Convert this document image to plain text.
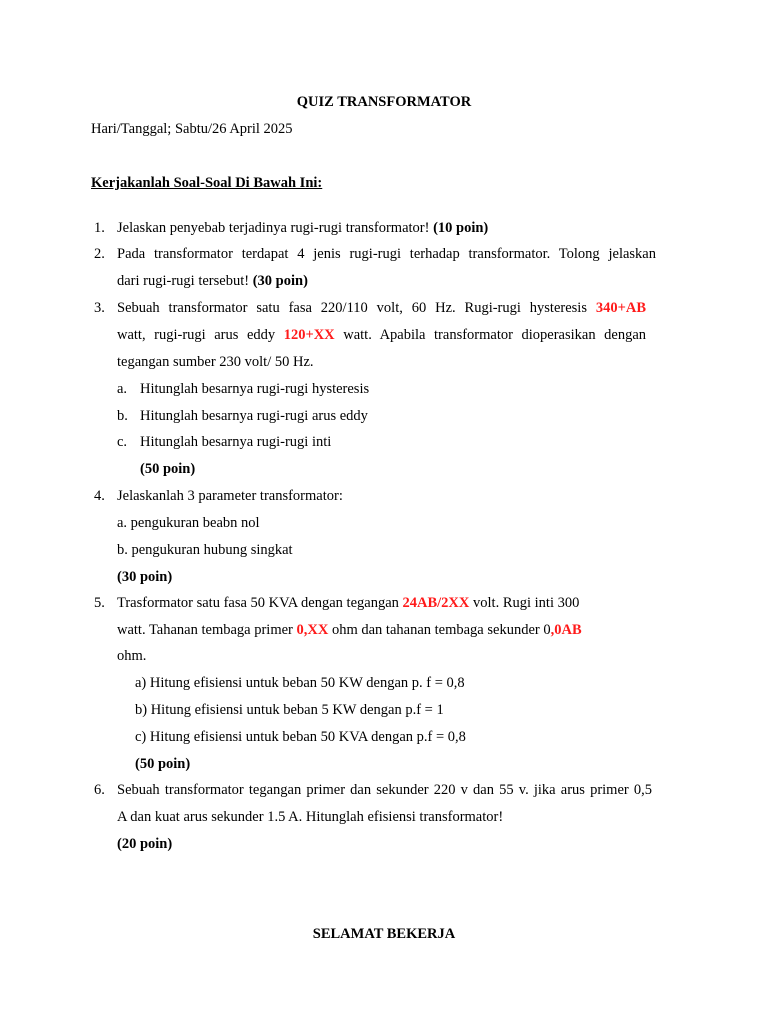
QUIZ TRANSFORMATOR
Hari/Tanggal; Sabtu/26 April 2025
Kerjakanlah Soal-Soal Di Bawah Ini:
1. Jelaskan penyebab terjadinya rugi-rugi transformator! (10 poin)
2. Pada transformator terdapat 4 jenis rugi-rugi terhadap transformator. Tolong jelaskan
dari rugi-rugi tersebut! (30 poin)
3. Sebuah transformator satu fasa 220/110 volt, 60 Hz. Rugi-rugi hysteresis 340+AB
watt, rugi-rugi arus eddy 120+XX watt. Apabila transformator dioperasikan dengan
tegangan sumber 230 volt/ 50 Hz.
a. Hitunglah besarnya rugi-rugi hysteresis
b. Hitunglah besarnya rugi-rugi arus eddy
c. Hitunglah besarnya rugi-rugi inti
(50 poin)
4. Jelaskanlah 3 parameter transformator:
a. pengukuran beabn nol
b. pengukuran hubung singkat
(30 poin)
5. Trasformator satu fasa 50 KVA dengan tegangan 24AB/2XX volt. Rugi inti 300
watt. Tahanan tembaga primer 0,XX ohm dan tahanan tembaga sekunder 0,0AB
ohm.
a) Hitung efisiensi untuk beban 50 KW dengan p. f = 0,8
b) Hitung efisiensi untuk beban 5 KW dengan p.f = 1
c) Hitung efisiensi untuk beban 50 KVA dengan p.f = 0,8
(50 poin)
6. Sebuah transformator tegangan primer dan sekunder 220 v dan 55 v. jika arus primer 0,5
A dan kuat arus sekunder 1.5 A. Hitunglah efisiensi transformator!
(20 poin)
SELAMAT BEKERJA
